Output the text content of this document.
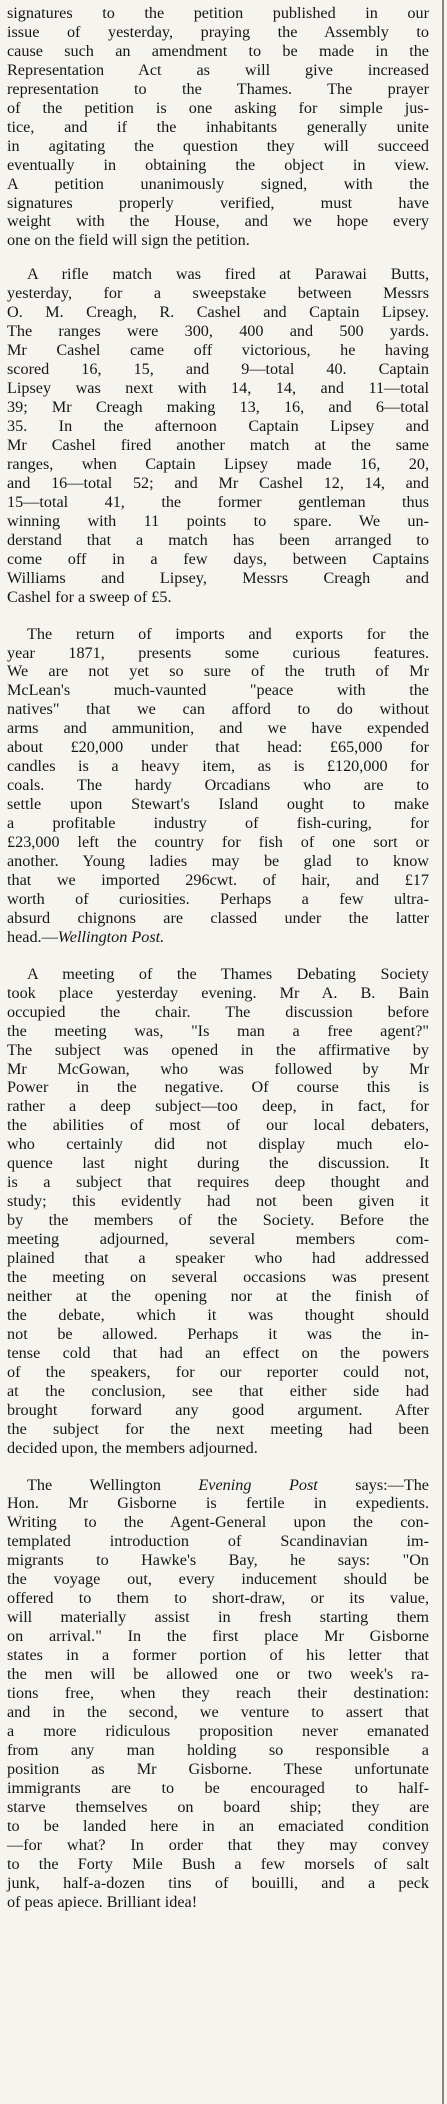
signatures to the petition published in our
issue of yesterday, praying the Assembly to
cause such an amendment to be made in the
Representation Act as will give increased
representation to the Thames. The prayer
of the petition is one asking for simple jus-
tice, and if the inhabitants generally unite
in agitating the question they will succeed
eventually in obtaining the object in view.
A petition unanimously signed, with the
signatures properly verified, must have
weight with the House, and we hope every
one on the field will sign the petition.
A rifle match was fired at Parawai Butts,
yesterday, for a sweepstake between Messrs
O. M. Creagh, R. Cashel and Captain Lipsey.
The ranges were 300, 400 and 500 yards.
Mr Cashel came off victorious, he having
scored 16, 15, and 9—total 40. Captain
Lipsey was next with 14, 14, and 11—total
39; Mr Creagh making 13, 16, and 6—total
35. In the afternoon Captain Lipsey and
Mr Cashel fired another match at the same
ranges, when Captain Lipsey made 16, 20,
and 16—total 52; and Mr Cashel 12, 14, and
15—total 41, the former gentleman thus
winning with 11 points to spare. We un-
derstand that a match has been arranged to
come off in a few days, between Captains
Williams and Lipsey, Messrs Creagh and
Cashel for a sweep of £5.
The return of imports and exports for the
year 1871, presents some curious features.
We are not yet so sure of the truth of Mr
McLean's much-vaunted "peace with the
natives" that we can afford to do without
arms and ammunition, and we have expended
about £20,000 under that head: £65,000 for
candles is a heavy item, as is £120,000 for
coals. The hardy Orcadians who are to
settle upon Stewart's Island ought to make
a profitable industry of fish-curing, for
£23,000 left the country for fish of one sort or
another. Young ladies may be glad to know
that we imported 296cwt. of hair, and £17
worth of curiosities. Perhaps a few ultra-
absurd chignons are classed under the latter
head.—Wellington Post.
A meeting of the Thames Debating Society
took place yesterday evening. Mr A. B. Bain
occupied the chair. The discussion before
the meeting was, "Is man a free agent?"
The subject was opened in the affirmative by
Mr McGowan, who was followed by Mr
Power in the negative. Of course this is
rather a deep subject—too deep, in fact, for
the abilities of most of our local debaters,
who certainly did not display much elo-
quence last night during the discussion. It
is a subject that requires deep thought and
study; this evidently had not been given it
by the members of the Society. Before the
meeting adjourned, several members com-
plained that a speaker who had addressed
the meeting on several occasions was present
neither at the opening nor at the finish of
the debate, which it was thought should
not be allowed. Perhaps it was the in-
tense cold that had an effect on the powers
of the speakers, for our reporter could not,
at the conclusion, see that either side had
brought forward any good argument. After
the subject for the next meeting had been
decided upon, the members adjourned.
The Wellington Evening Post says:—The
Hon. Mr Gisborne is fertile in expedients.
Writing to the Agent-General upon the con-
templated introduction of Scandinavian im-
migrants to Hawke's Bay, he says: "On
the voyage out, every inducement should be
offered to them to short-draw, or its value,
will materially assist in fresh starting them
on arrival." In the first place Mr Gisborne
states in a former portion of his letter that
the men will be allowed one or two week's ra-
tions free, when they reach their destination:
and in the second, we venture to assert that
a more ridiculous proposition never emanated
from any man holding so responsible a
position as Mr Gisborne. These unfortunate
immigrants are to be encouraged to half-
starve themselves on board ship; they are
to be landed here in an emaciated condition
—for what? In order that they may convey
to the Forty Mile Bush a few morsels of salt
junk, half-a-dozen tins of bouilli, and a peck
of peas apiece. Brilliant idea!
